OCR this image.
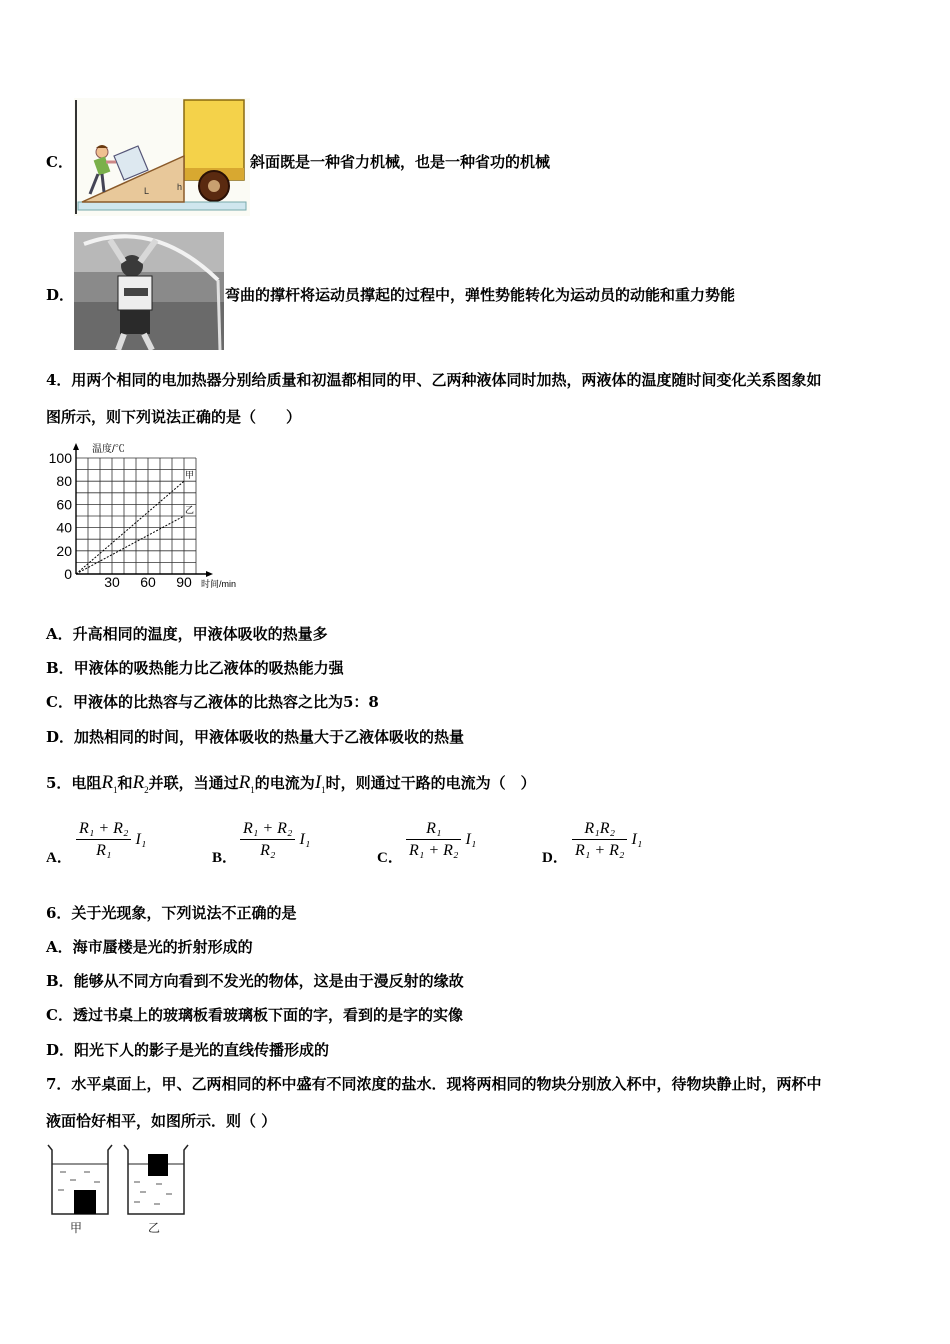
C．
L	h
斜面既是一种省力机械，也是一种省功的机械
D．	弯曲的撑杆将运动员撑起的过程中，弹性势能转化为运动员的动能和重力势能
4．用两个相同的电加热器分别给质量和初温都相同的甲、乙两种液体同时加热，两液体的温度随时间变化关系图象如
图所示，则下列说法正确的是（　　）
0
20
40
60
80
100
30 60 90
温度/℃
时间/min
甲
乙
A．升高相同的温度，甲液体吸收的热量多
B．甲液体的吸热能力比乙液体的吸热能力强
C．甲液体的比热容与乙液体的比热容之比为5：8
D．加热相同的时间，甲液体吸收的热量大于乙液体吸收的热量
5．电阻$R_1$和$R_2$并联，当通过$R_1$的电流为$I_1$时，则通过干路的电流为（　）
A． $\frac{\text{R₁ + R₂}}{\text{R₁}} I_1$
B． $\frac{\text{R₁ + R₂}}{\text{R₂}} I_1$
C． $\frac{\text{R₁}}{\text{R₁ + R₂}} I_1$
D． $\frac{\text{R₁R₂}}{\text{R₁ + R₂}} I_1$
6．关于光现象，下列说法不正确的是
A．海市蜃楼是光的折射形成的
B．能够从不同方向看到不发光的物体，这是由于漫反射的缘故
C．透过书桌上的玻璃板看玻璃板下面的字，看到的是字的实像
D．阳光下人的影子是光的直线传播形成的
7．水平桌面上，甲、乙两相同的杯中盛有不同浓度的盐水．现将两相同的物块分别放入杯中，待物块静止时，两杯中
液面恰好相平，如图所示．则（ ）
甲	乙
